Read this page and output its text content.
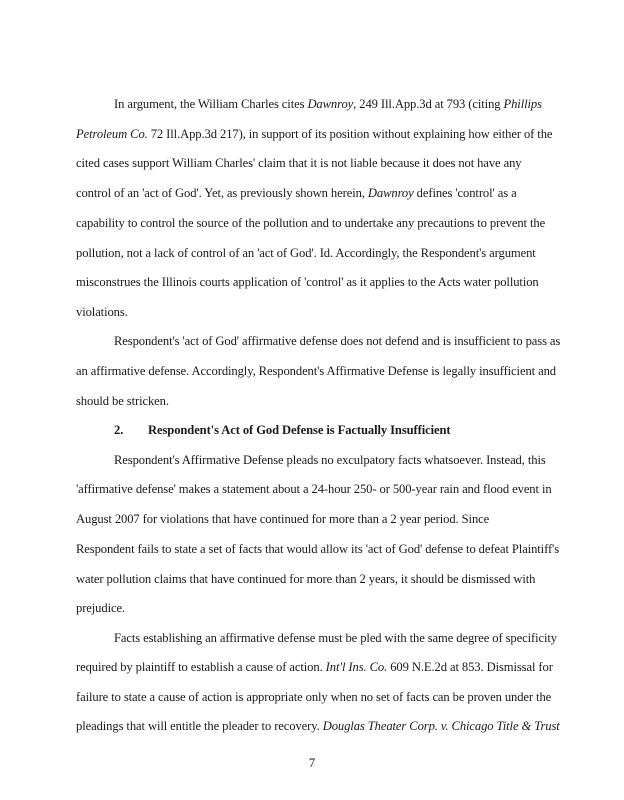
In argument, the William Charles cites Dawnroy, 249 Ill.App.3d at 793 (citing Phillips
Petroleum Co. 72 Ill.App.3d 217), in support of its position without explaining how either of the
cited cases support William Charles' claim that it is not liable because it does not have any
control of an 'act of God'. Yet, as previously shown herein, Dawnroy defines 'control' as a
capability to control the source of the pollution and to undertake any precautions to prevent the
pollution, not a lack of control of an 'act of God'. Id. Accordingly, the Respondent's argument
misconstrues the Illinois courts application of 'control' as it applies to the Acts water pollution
violations.
Respondent's 'act of God' affirmative defense does not defend and is insufficient to pass as
an affirmative defense. Accordingly, Respondent's Affirmative Defense is legally insufficient and
should be stricken.
2. Respondent's Act of God Defense is Factually Insufficient
Respondent's Affirmative Defense pleads no exculpatory facts whatsoever. Instead, this
'affirmative defense' makes a statement about a 24-hour 250- or 500-year rain and flood event in
August 2007 for violations that have continued for more than a 2 year period. Since
Respondent fails to state a set of facts that would allow its 'act of God' defense to defeat Plaintiff's
water pollution claims that have continued for more than 2 years, it should be dismissed with
prejudice.
Facts establishing an affirmative defense must be pled with the same degree of specificity
required by plaintiff to establish a cause of action. Int'l Ins. Co. 609 N.E.2d at 853. Dismissal for
failure to state a cause of action is appropriate only when no set of facts can be proven under the
pleadings that will entitle the pleader to recovery. Douglas Theater Corp. v. Chicago Title & Trust
7
